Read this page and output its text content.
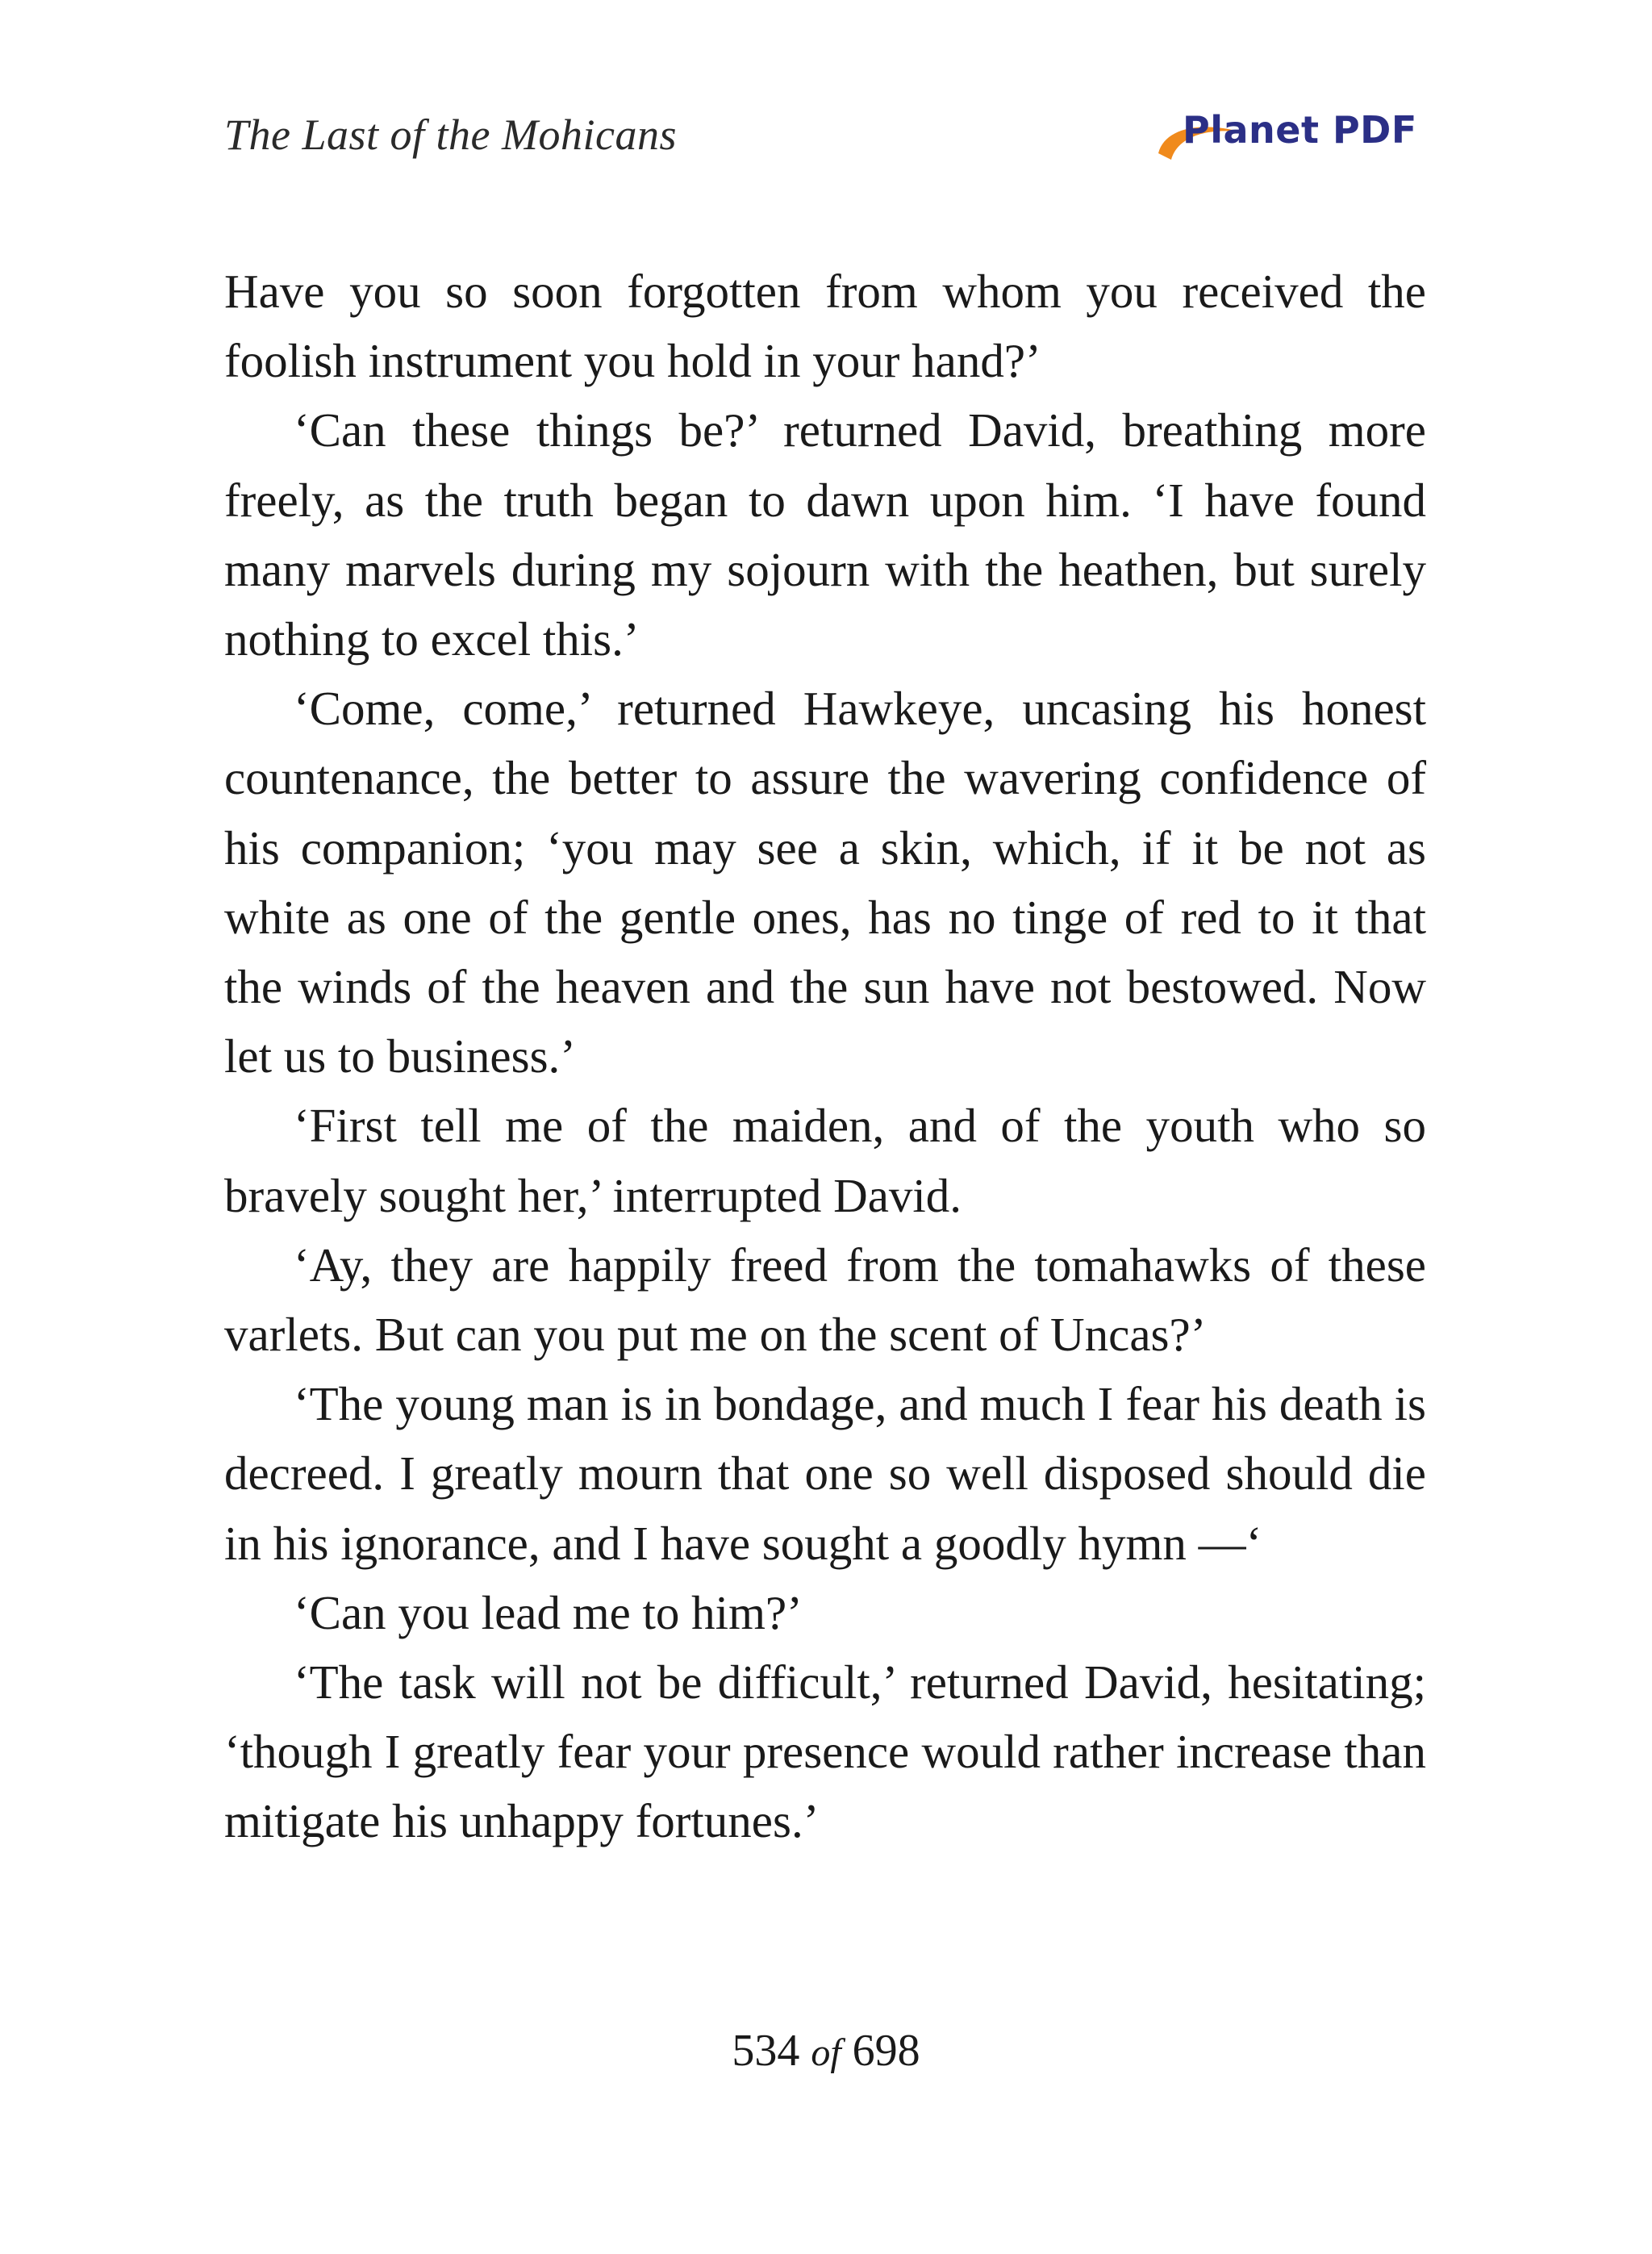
The Last of the Mohicans	Planet PDF

Have you so soon forgotten from whom you received the foolish instrument you hold in your hand?’

‘Can these things be?’ returned David, breathing more freely, as the truth began to dawn upon him. ‘I have found many marvels during my sojourn with the heathen, but surely nothing to excel this.’

‘Come, come,’ returned Hawkeye, uncasing his honest countenance, the better to assure the wavering confidence of his companion; ‘you may see a skin, which, if it be not as white as one of the gentle ones, has no tinge of red to it that the winds of the heaven and the sun have not bestowed. Now let us to business.’

‘First tell me of the maiden, and of the youth who so bravely sought her,’ interrupted David.

‘Ay, they are happily freed from the tomahawks of these varlets. But can you put me on the scent of Uncas?’

‘The young man is in bondage, and much I fear his death is decreed. I greatly mourn that one so well disposed should die in his ignorance, and I have sought a goodly hymn —‘

‘Can you lead me to him?’

‘The task will not be difficult,’ returned David, hesitating; ‘though I greatly fear your presence would rather increase than mitigate his unhappy fortunes.’

534 of 698
